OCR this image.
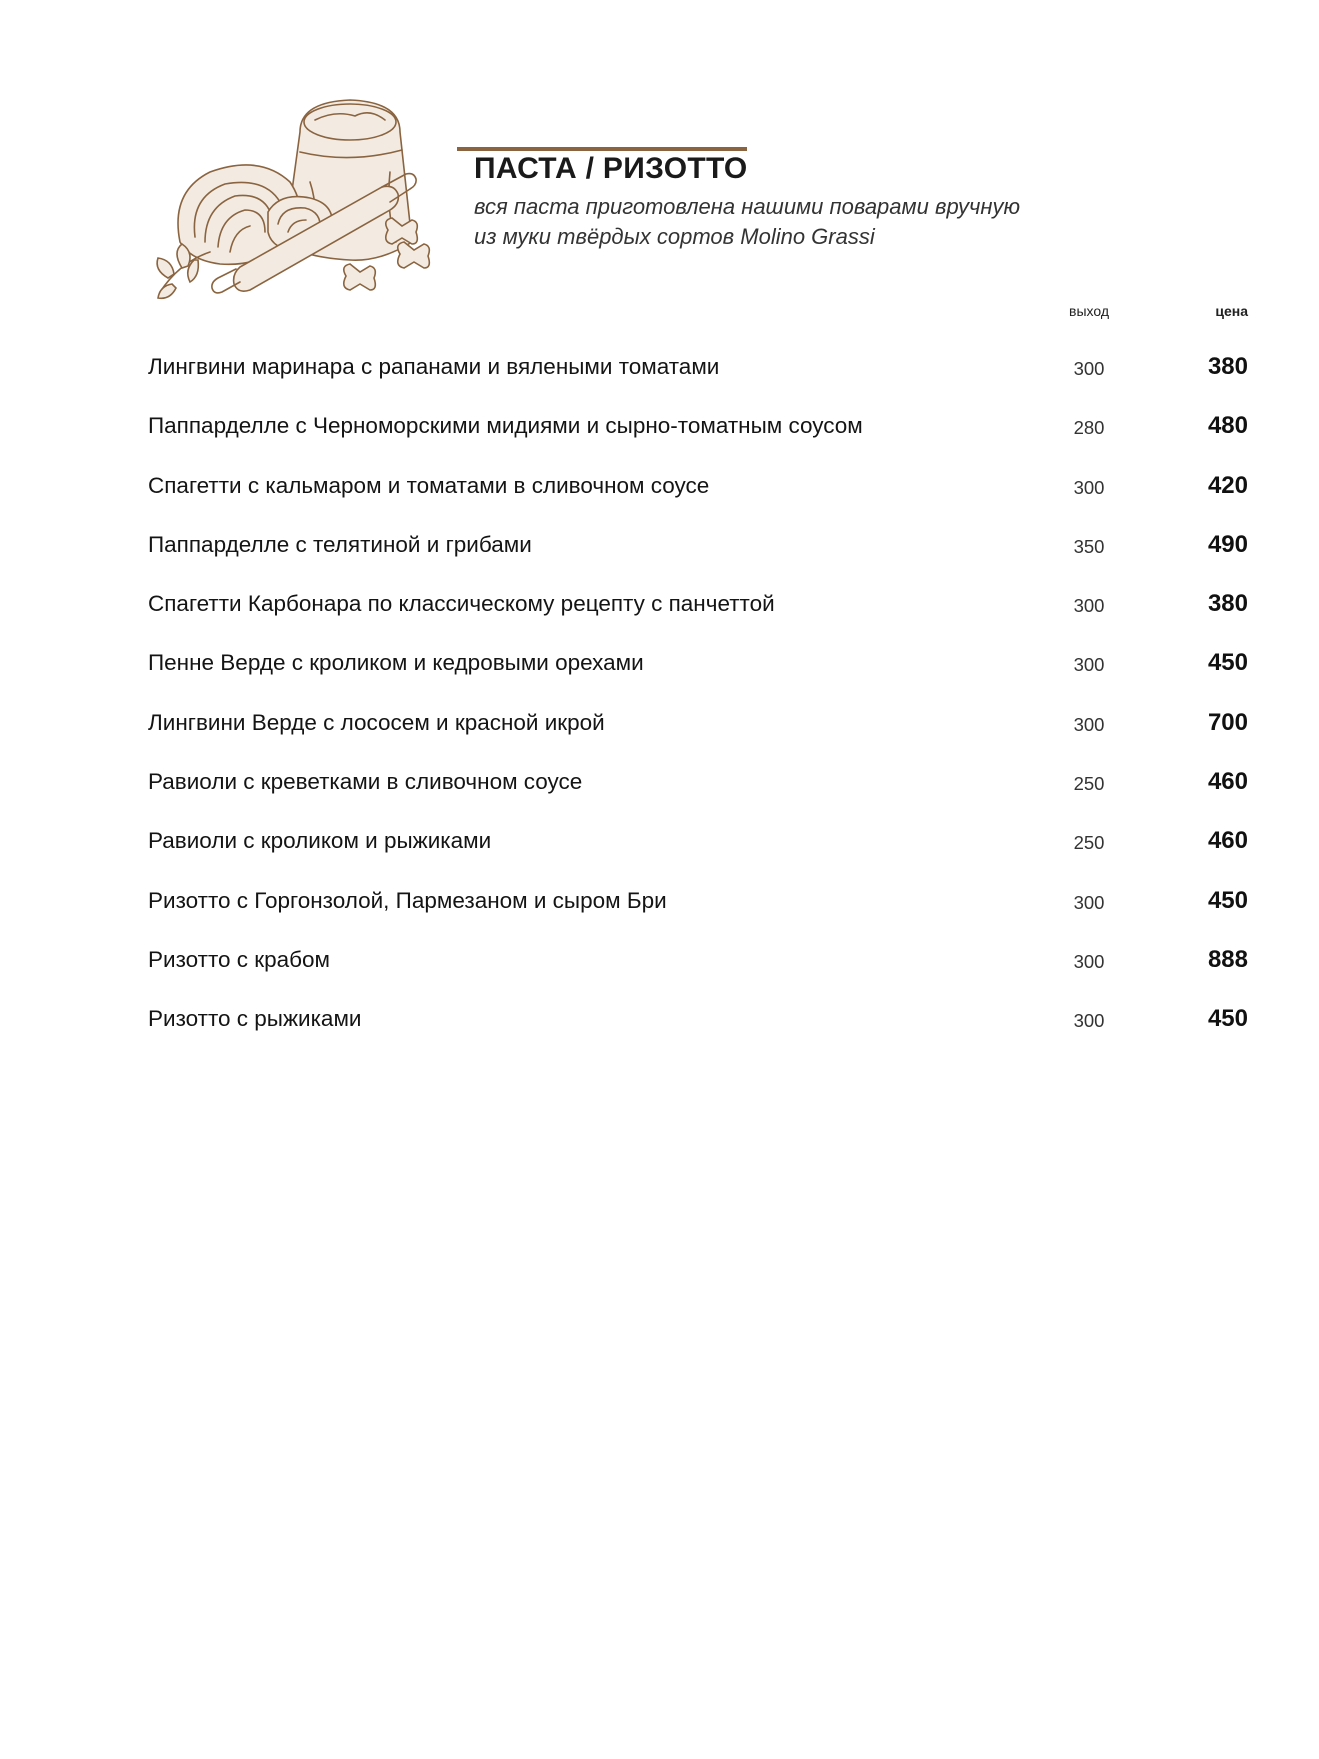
ПАСТА / РИЗОТТО
вся паста приготовлена нашими поварами вручную
из муки твёрдых сортов Molino Grassi
выход	цена
Лингвини маринара с рапанами и вялеными томатами	300	380
Паппарделле с Черноморскими мидиями и сырно-томатным соусом	280	480
Спагетти с кальмаром и томатами в сливочном соусе	300	420
Паппарделле с телятиной и грибами	350	490
Спагетти Карбонара по классическому рецепту с панчеттой	300	380
Пенне Верде с кроликом и кедровыми орехами	300	450
Лингвини Верде с лососем и красной икрой	300	700
Равиоли с креветками в сливочном соусе	250	460
Равиоли с кроликом и рыжиками	250	460
Ризотто с Горгонзолой, Пармезаном и сыром Бри	300	450
Ризотто с крабом	300	888
Ризотто с рыжиками	300	450
